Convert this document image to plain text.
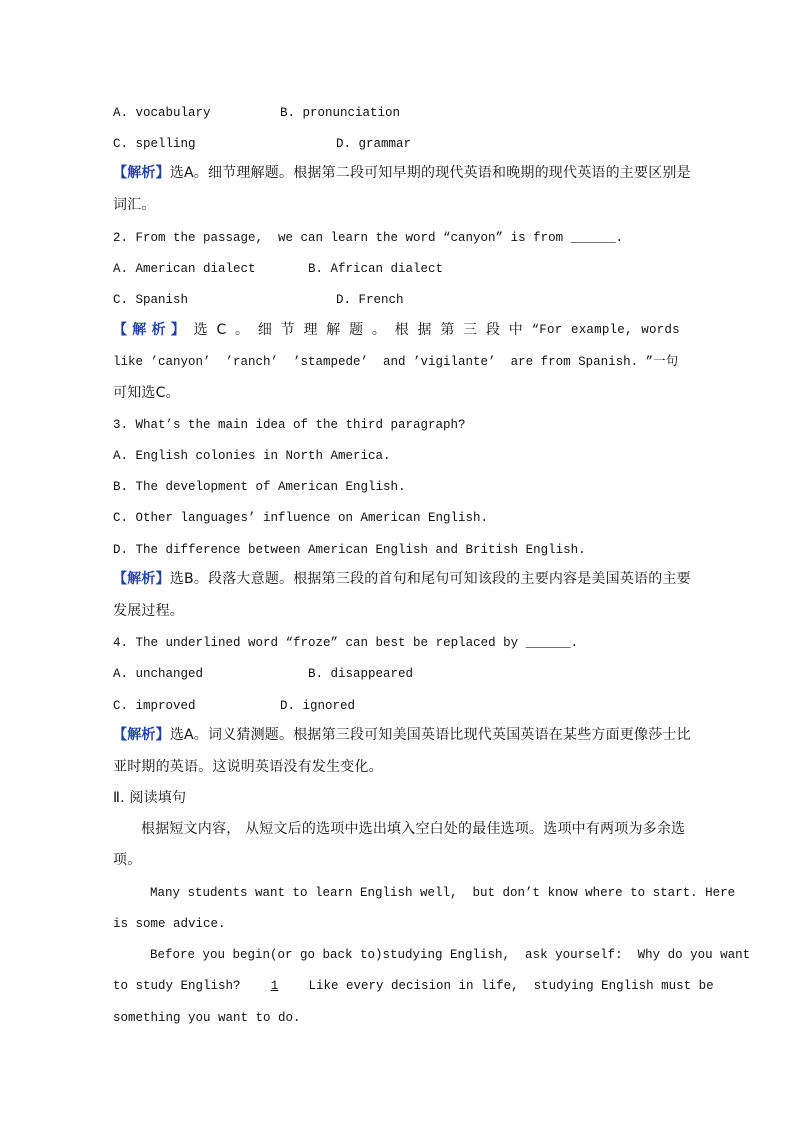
A. vocabulary	B. pronunciation
C. spelling	D. grammar
【解析】选A。细节理解题。根据第二段可知早期的现代英语和晚期的现代英语的主要区别是
词汇。
2. From the passage,  we can learn the word “canyon” is from ______.
A. American dialect	B. African dialect
C. Spanish	D. French
【 解 析 】 选 C 。 细 节 理 解 题 。 根 据 第 三 段 中 “For example, words
like ’canyon’  ’ranch’  ’stampede’  and ’vigilante’  are from Spanish. ”一句
可知选C。
3. What’s the main idea of the third paragraph?
A. English colonies in North America.
B. The development of American English.
C. Other languages’ influence on American English.
D. The difference between American English and British English.
【解析】选B。段落大意题。根据第三段的首句和尾句可知该段的主要内容是美国英语的主要
发展过程。
4. The underlined word “froze” can best be replaced by ______.
A. unchanged	B. disappeared
C. improved	D. ignored
【解析】选A。词义猜测题。根据第三段可知美国英语比现代英国英语在某些方面更像莎士比
亚时期的英语。这说明英语没有发生变化。
Ⅱ. 阅读填句
根据短文内容， 从短文后的选项中选出填入空白处的最佳选项。选项中有两项为多余选
项。
Many students want to learn English well,  but don’t know where to start. Here
is some advice.
Before you begin(or go back to)studying English,  ask yourself:  Why do you want
to study English?  1  Like every decision in life,  studying English must be
something you want to do.
